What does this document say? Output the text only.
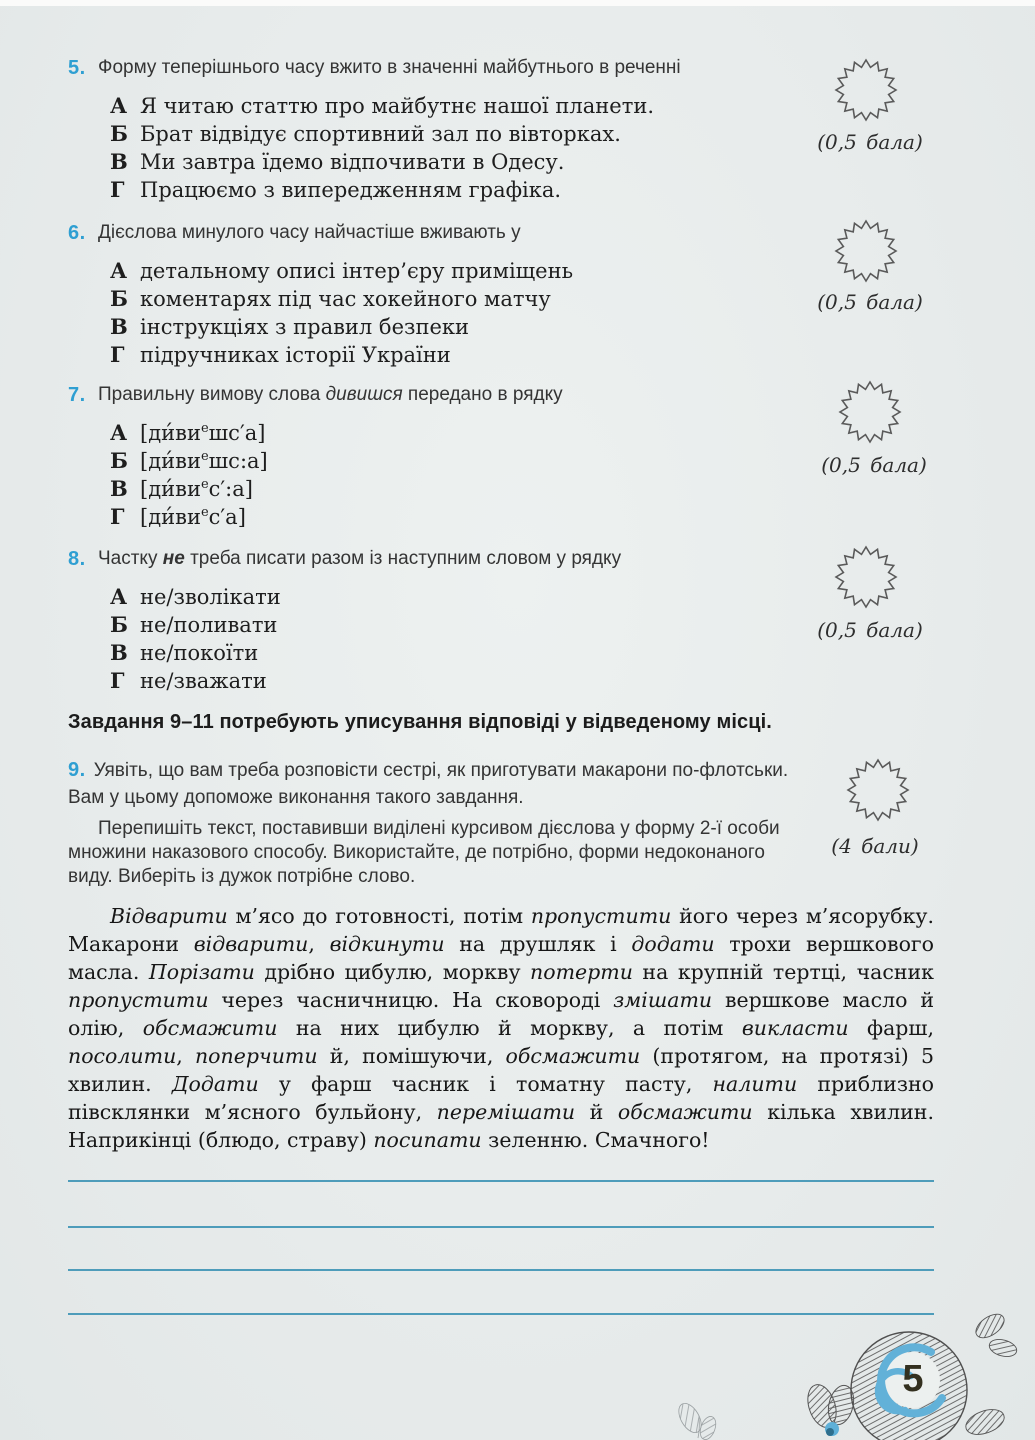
5. Форму теперішнього часу вжито в значенні майбутнього в реченні
А Я читаю статтю про майбутнє нашої планети.
Б Брат відвідує спортивний зал по вівторках.
В Ми завтра їдемо відпочивати в Одесу.
Г Працюємо з випередженням графіка.
(0,5 бала)
6. Дієслова минулого часу найчастіше вживають у
А детальному описі інтер’єру приміщень
Б коментарях під час хокейного матчу
В інструкціях з правил безпеки
Г підручниках історії України
(0,5 бала)
7. Правильну вимову слова дивишся передано в рядку
А $[ди́ви^ешс'а]$
Б $[ди́ви^ешс:а]$
В $[ди́ви^ес':а]$
Г $[ди́ви^ес'а]$
(0,5 бала)
8. Частку не треба писати разом із наступним словом у рядку
А не/зволікати
Б не/поливати
В не/покоїти
Г не/зважати
(0,5 бала)
Завдання 9–11 потребують уписування відповіді у відведеному місці.

9. Уявіть, що вам треба розповісти сестрі, як приготувати макарони по-флотськи. Вам у цьому допоможе виконання такого завдання.

Перепишіть текст, поставивши виділені курсивом дієслова у форму 2-ї особи множини наказового способу. Використайте, де потрібно, форми недоконаного виду. Виберіть із дужок потрібне слово.

(4 бали)

Відварити м’ясо до готовності, потім пропустити його через м’ясорубку. Макарони відварити, відкинути на друшляк і додати трохи вершкового масла. Порізати дрібно цибулю, моркву потерти на крупній тертці, часник пропустити через часничницю. На сковороді змішати вершкове масло й олію, обсмажити на них цибулю й моркву, а потім викласти фарш, посолити, поперчити й, помішуючи, обсмажити (протягом, на протязі) 5 хвилин. Додати у фарш часник і томатну пасту, налити приблизно півсклянки м’ясного бульйону, перемішати й обсмажити кілька хвилин. Наприкінці (блюдо, страву) посипати зеленню. Смачного!

5
